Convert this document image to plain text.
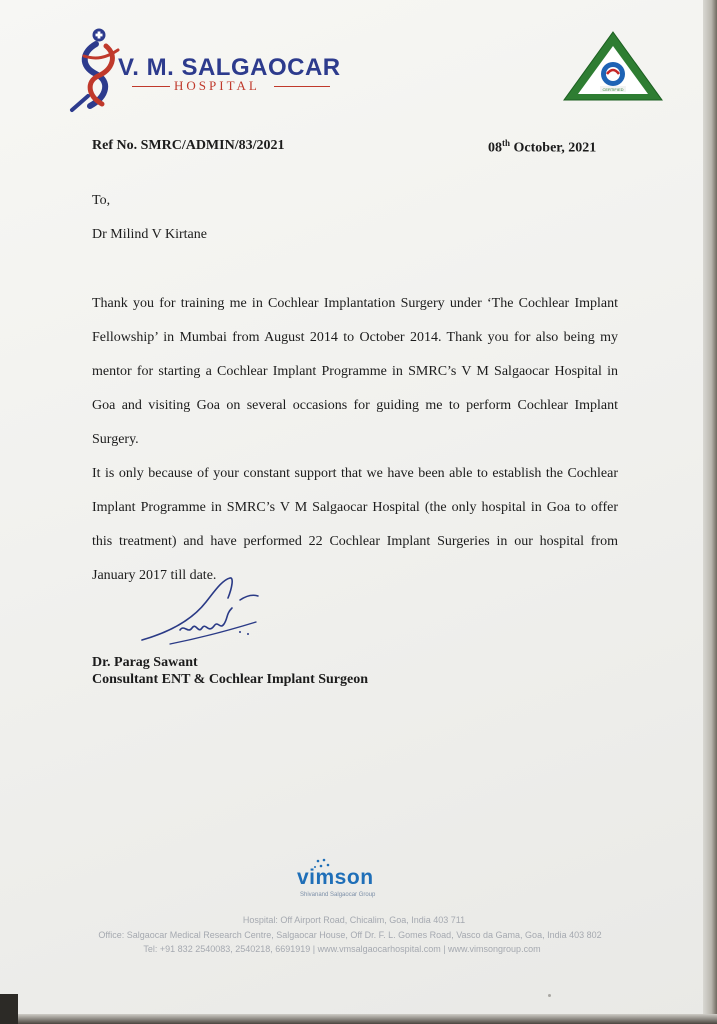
V. M. SALGAOCAR
HOSPITAL	CERTIFIED
Ref No. SMRC/ADMIN/83/2021	08th October, 2021
To,
Dr Milind V Kirtane

Thank you for training me in Cochlear Implantation Surgery under ‘The Cochlear Implant Fellowship’ in Mumbai from August 2014 to October 2014. Thank you for also being my mentor for starting a Cochlear Implant Programme in SMRC’s V M Salgaocar Hospital in Goa and visiting Goa on several occasions for guiding me to perform Cochlear Implant Surgery.

It is only because of your constant support that we have been able to establish the Cochlear Implant Programme in SMRC’s V M Salgaocar Hospital (the only hospital in Goa to offer this treatment) and have performed 22 Cochlear Implant Surgeries in our hospital from January 2017 till date.

Dr. Parag Sawant
Consultant ENT & Cochlear Implant Surgeon
vimson
Shivanand Salgaocar Group
Hospital: Off Airport Road, Chicalim, Goa, India 403 711
Office: Salgaocar Medical Research Centre, Salgaocar House, Off Dr. F. L. Gomes Road, Vasco da Gama, Goa, India 403 802
Tel: +91 832 2540083, 2540218, 6691919 | www.vmsalgaocarhospital.com | www.vimsongroup.com
